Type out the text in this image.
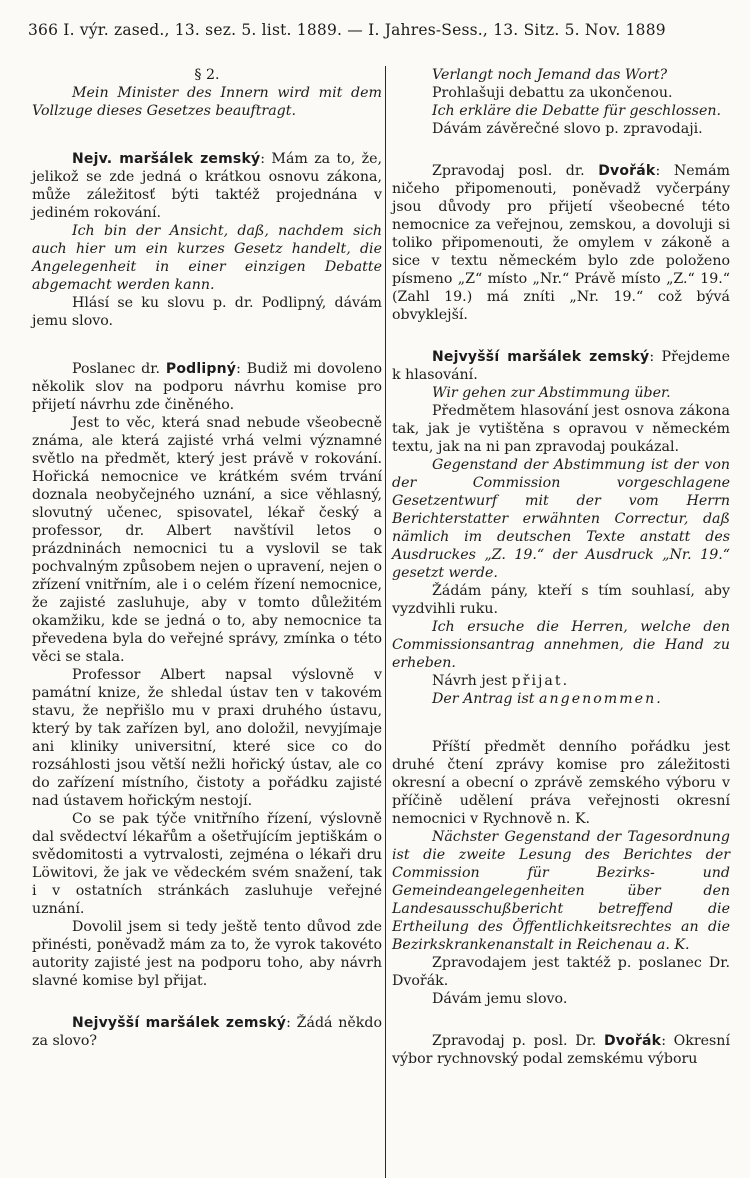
366 I. výr. zased., 13. sez. 5. list. 1889. — I. Jahres-Sess., 13. Sitz. 5. Nov. 1889

§ 2.

Mein Minister des Innern wird mit dem Vollzuge dieses Gesetzes beauftragt.

Nejv. maršálek zemský: Mám za to, že, jelikož se zde jedná o krátkou osnovu zákona, může záležitosť býti taktéž projednána v jediném rokování.

Ich bin der Ansicht, daß, nachdem sich auch hier um ein kurzes Gesetz handelt, die Angelegenheit in einer einzigen Debatte abgemacht werden kann.

Hlásí se ku slovu p. dr. Podlipný, dávám jemu slovo.

Poslanec dr. Podlipný: Budiž mi dovoleno několik slov na podporu návrhu komise pro přijetí návrhu zde činěného.

Jest to věc, která snad nebude všeobecně známa, ale která zajisté vrhá velmi významné světlo na předmět, který jest právě v rokování. Hořická nemocnice ve krátkém svém trvání doznala neobyčejného uznání, a sice věhlasný, slovutný učenec, spisovatel, lékař český a professor, dr. Albert navštívil letos o prázdninách nemocnici tu a vyslovil se tak pochvalným způsobem nejen o upravení, nejen o zřízení vnitřním, ale i o celém řízení nemocnice, že zajisté zasluhuje, aby v tomto důležitém okamžiku, kde se jedná o to, aby nemocnice ta převedena byla do veřejné správy, zmínka o této věci se stala.

Professor Albert napsal výslovně v památní knize, že shledal ústav ten v takovém stavu, že nepřišlo mu v praxi druhého ústavu, který by tak zařízen byl, ano doložil, nevyjímaje ani kliniky universitní, které sice co do rozsáhlosti jsou větší nežli hořický ústav, ale co do zařízení místního, čistoty a pořádku zajisté nad ústavem hořickým nestojí.

Co se pak týče vnitřního řízení, výslovně dal svědectví lékařům a ošetřujícím jeptiškám o svědomitosti a vytrvalosti, zejména o lékaři dru Löwitovi, že jak ve vědeckém svém snažení, tak i v ostatních stránkách zasluhuje veřejné uznání.

Dovolil jsem si tedy ještě tento důvod zde přinésti, poněvadž mám za to, že vyrok takovéto autority zajisté jest na podporu toho, aby návrh slavné komise byl přijat.

Nejvyšší maršálek zemský: Žádá někdo za slovo?

Verlangt noch Jemand das Wort?

Prohlašuji debattu za ukončenou.

Ich erkläre die Debatte für geschlossen.

Dávám závěrečné slovo p. zpravodaji.

Zpravodaj posl. dr. Dvořák: Nemám ničeho připomenouti, poněvadž vyčerpány jsou důvody pro přijetí všeobecné této nemocnice za veřejnou, zemskou, a dovoluji si toliko připomenouti, že omylem v zákoně a sice v textu německém bylo zde položeno písmeno „Z“ místo „Nr.“ Právě místo „Z.“ 19.“ (Zahl 19.) má zníti „Nr. 19.“ což bývá obvyklejší.

Nejvyšší maršálek zemský: Přejdeme k hlasování.

Wir gehen zur Abstimmung über.

Předmětem hlasování jest osnova zákona tak, jak je vytištěna s opravou v německém textu, jak na ni pan zpravodaj poukázal.

Gegenstand der Abstimmung ist der von der Commission vorgeschlagene Gesetzentwurf mit der vom Herrn Berichterstatter erwähnten Correctur, daß nämlich im deutschen Texte anstatt des Ausdruckes „Z. 19.“ der Ausdruck „Nr. 19.“ gesetzt werde.

Žádám pány, kteří s tím souhlasí, aby vyzdvihli ruku.

Ich ersuche die Herren, welche den Commissionsantrag annehmen, die Hand zu erheben.

Návrh jest přijat.

Der Antrag ist angenommen.

Příští předmět denního pořádku jest druhé čtení zprávy komise pro záležitosti okresní a obecní o zprávě zemského výboru v příčině udělení práva veřejnosti okresní nemocnici v Rychnově n. K.

Nächster Gegenstand der Tagesordnung ist die zweite Lesung des Berichtes der Commission für Bezirks- und Gemeindeangelegenheiten über den Landesausschußbericht betreffend die Ertheilung des Öffentlichkeitsrechtes an die Bezirkskrankenanstalt in Reichenau a. K.

Zpravodajem jest taktéž p. poslanec Dr. Dvořák.

Dávám jemu slovo.

Zpravodaj p. posl. Dr. Dvořák: Okresní výbor rychnovský podal zemskému výboru
